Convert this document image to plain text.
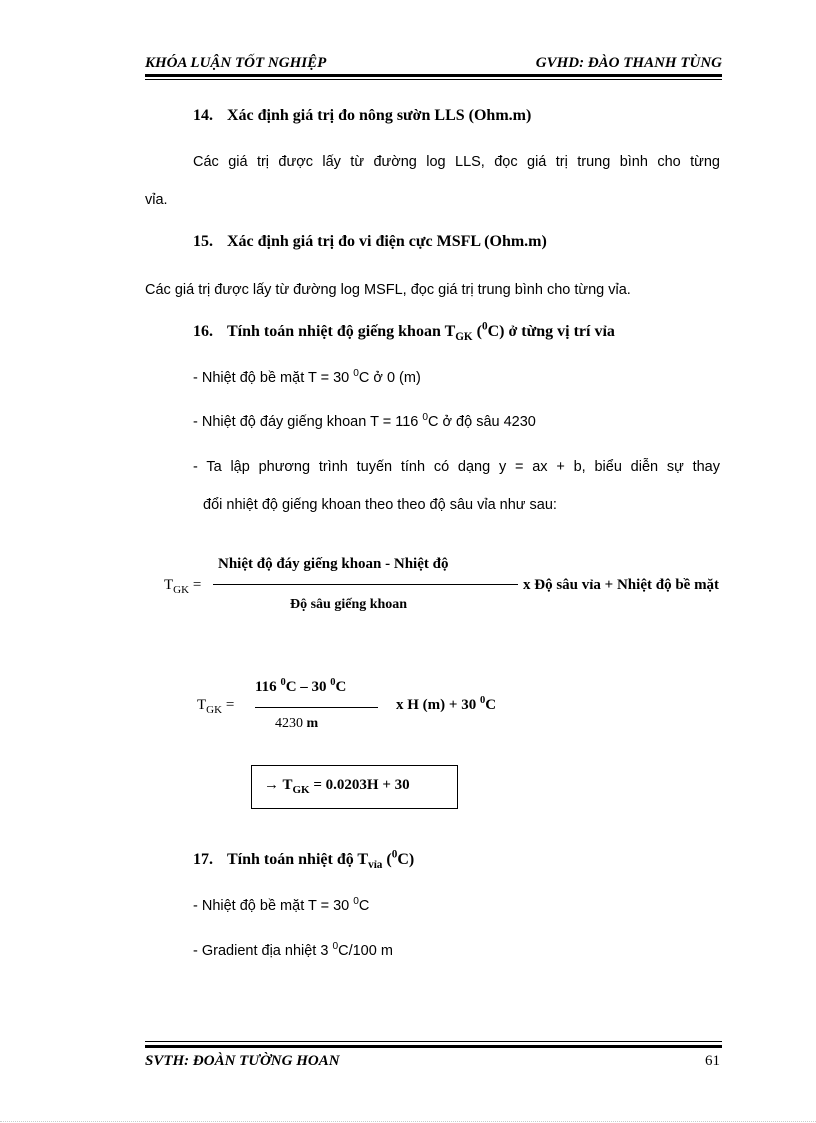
KHÓA LUẬN TỐT NGHIỆP	GVHD: ĐÀO THANH TÙNG
14. Xác định giá trị đo nông sườn LLS (Ohm.m)
Các giá trị được lấy từ đường log LLS, đọc giá trị trung bình cho từng
vỉa.
15. Xác định giá trị đo vi điện cực MSFL (Ohm.m)
Các giá trị được lấy từ đường log MSFL, đọc giá trị trung bình cho từng vỉa.
16. Tính toán nhiệt độ giếng khoan $T_{GK}$ ($^0$C) ở từng vị trí vỉa
- Nhiệt độ bề mặt T = 30 $^0$C ở 0 (m)
- Nhiệt độ đáy giếng khoan T = 116 $^0$C ở độ sâu 4230
- Ta lập phương trình tuyến tính có dạng y = ax + b, biểu diễn sự thay
đổi nhiệt độ giếng khoan theo theo độ sâu vỉa như sau:
$T_{GK}$ =
Nhiệt độ đáy giếng khoan - Nhiệt độ
Độ sâu giếng khoan
x Độ sâu vỉa + Nhiệt độ bề mặt
$T_{GK}$ =
116 $^0$C – 30 $^0$C
4230 m
x H (m) + 30 $^0$C
→ $T_{GK} = 0.0203H + 30$
17. Tính toán nhiệt độ $T_{vỉa}$ ($^0$C)
- Nhiệt độ bề mặt T = 30 $^0$C
- Gradient địa nhiệt 3 $^0$C/100 m
SVTH: ĐOÀN TƯỜNG HOAN	61
